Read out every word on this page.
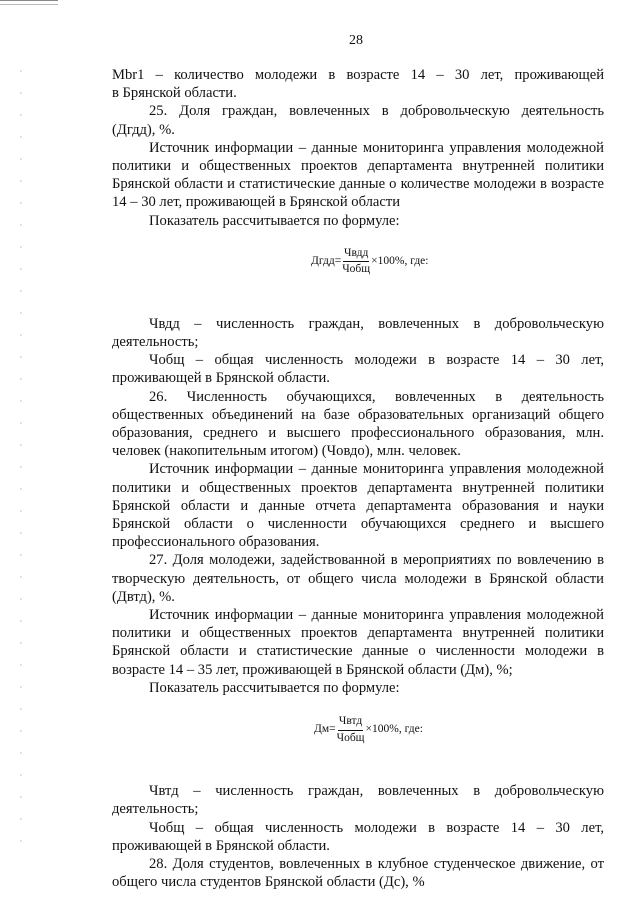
28
Мbr1 – количество молодежи в возрасте 14 – 30 лет, проживающей
в Брянской области.
25. Доля граждан, вовлеченных в добровольческую деятельность
(Дгдд), %.

Источник информации – данные мониторинга управления молодежной политики и общественных проектов департамента внутренней политики Брянской области и статистические данные о количестве молодежи в возрасте 14 – 30 лет, проживающей в Брянской области

Показатель рассчитывается по формуле:

Дгдд= $\frac{\text{Чвдд}}{\text{Чобщ}} \times 100\%$, где:

Чвдд – численность граждан, вовлеченных в добровольческую деятельность;

Чобщ – общая численность молодежи в возрасте 14 – 30 лет, проживающей в Брянской области.

26. Численность обучающихся, вовлеченных в деятельность общественных объединений на базе образовательных организаций общего образования, среднего и высшего профессионального образования, млн. человек (накопительным итогом) (Човдо), млн. человек.

Источник информации – данные мониторинга управления молодежной политики и общественных проектов департамента внутренней политики Брянской области и данные отчета департамента образования и науки Брянской области о численности обучающихся среднего и высшего профессионального образования.

27. Доля молодежи, задействованной в мероприятиях по вовлечению в творческую деятельность, от общего числа молодежи в Брянской области (Двтд), %.

Источник информации – данные мониторинга управления молодежной политики и общественных проектов департамента внутренней политики Брянской области и статистические данные о численности молодежи в возрасте 14 – 35 лет, проживающей в Брянской области (Дм), %;

Показатель рассчитывается по формуле:

$Дм= \frac{\text{Чвтд}}{\text{Чобщ}} \times 100\%$, где:

Чвтд – численность граждан, вовлеченных в добровольческую деятельность;

Чобщ – общая численность молодежи в возрасте 14 – 30 лет, проживающей в Брянской области.

28. Доля студентов, вовлеченных в клубное студенческое движение, от общего числа студентов Брянской области (Дс), %
